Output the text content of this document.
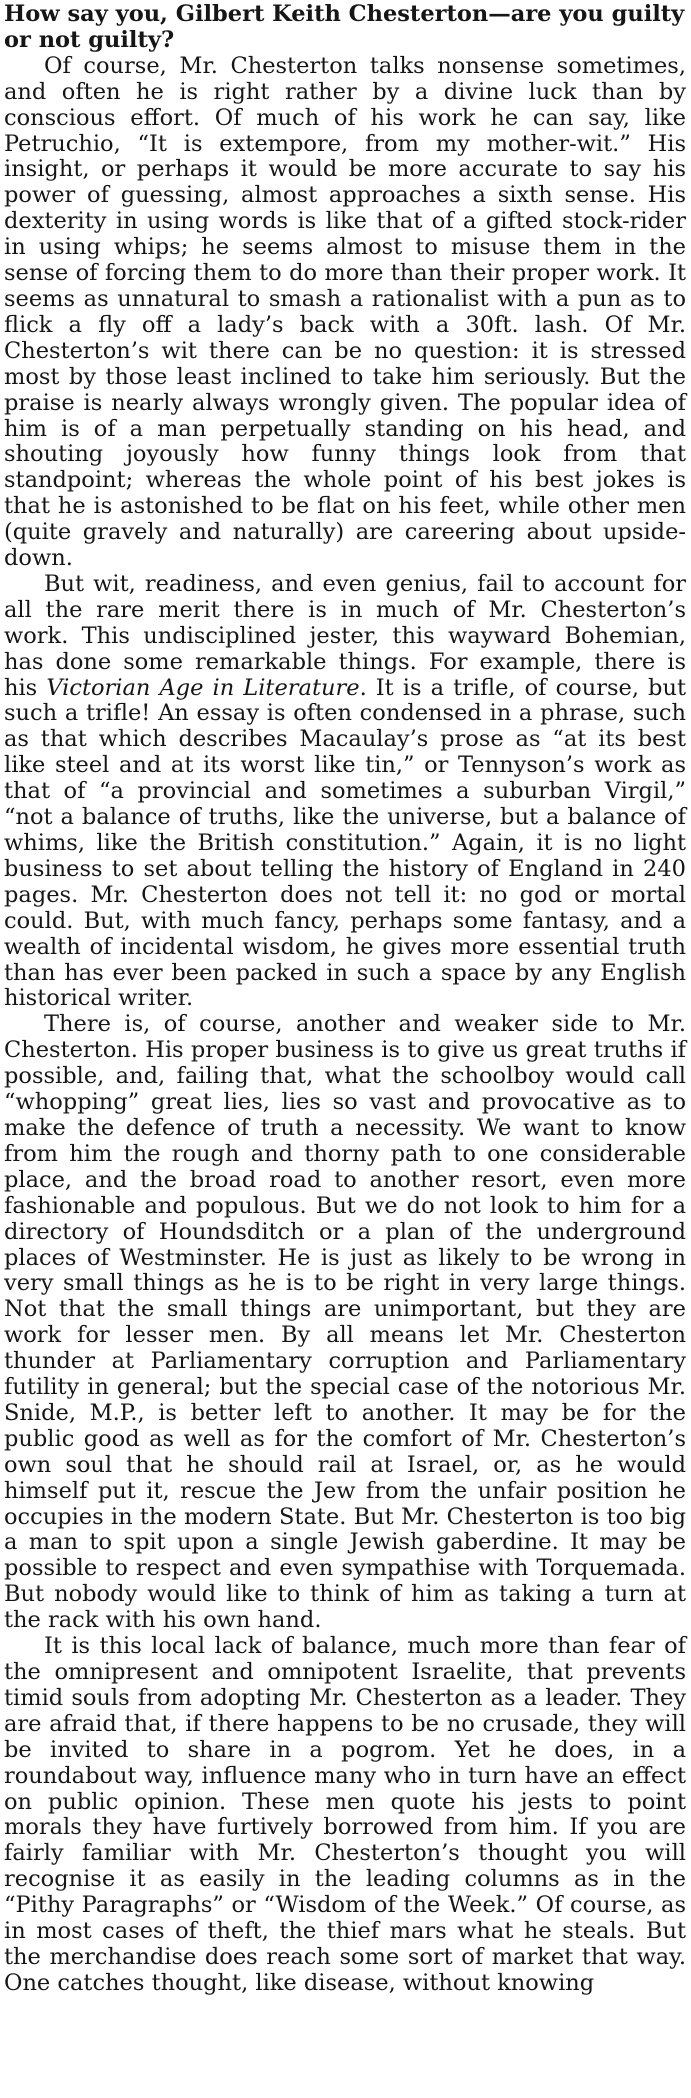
How say you, Gilbert Keith Chesterton—are you guilty or not guilty?

Of course, Mr. Chesterton talks nonsense sometimes, and often he is right rather by a divine luck than by conscious effort. Of much of his work he can say, like Petruchio, “It is extempore, from my mother-wit.” His insight, or perhaps it would be more accurate to say his power of guessing, almost approaches a sixth sense. His dexterity in using words is like that of a gifted stock-rider in using whips; he seems almost to misuse them in the sense of forcing them to do more than their proper work. It seems as unnatural to smash a rationalist with a pun as to flick a fly off a lady’s back with a 30ft. lash. Of Mr. Chesterton’s wit there can be no question: it is stressed most by those least inclined to take him seriously. But the praise is nearly always wrongly given. The popular idea of him is of a man perpetually standing on his head, and shouting joyously how funny things look from that standpoint; whereas the whole point of his best jokes is that he is astonished to be flat on his feet, while other men (quite gravely and naturally) are careering about upside-down.

But wit, readiness, and even genius, fail to account for all the rare merit there is in much of Mr. Chesterton’s work. This undisciplined jester, this wayward Bohemian, has done some remarkable things. For example, there is his Victorian Age in Literature. It is a trifle, of course, but such a trifle! An essay is often condensed in a phrase, such as that which describes Macaulay’s prose as “at its best like steel and at its worst like tin,” or Tennyson’s work as that of “a provincial and sometimes a suburban Virgil,” “not a balance of truths, like the universe, but a balance of whims, like the British constitution.” Again, it is no light business to set about telling the history of England in 240 pages. Mr. Chesterton does not tell it: no god or mortal could. But, with much fancy, perhaps some fantasy, and a wealth of incidental wisdom, he gives more essential truth than has ever been packed in such a space by any English historical writer.

There is, of course, another and weaker side to Mr. Chesterton. His proper business is to give us great truths if possible, and, failing that, what the schoolboy would call “whopping” great lies, lies so vast and provocative as to make the defence of truth a necessity. We want to know from him the rough and thorny path to one considerable place, and the broad road to another resort, even more fashionable and populous. But we do not look to him for a directory of Houndsditch or a plan of the underground places of Westminster. He is just as likely to be wrong in very small things as he is to be right in very large things. Not that the small things are unimportant, but they are work for lesser men. By all means let Mr. Chesterton thunder at Parliamentary corruption and Parliamentary futility in general; but the special case of the notorious Mr. Snide, M.P., is better left to another. It may be for the public good as well as for the comfort of Mr. Chesterton’s own soul that he should rail at Israel, or, as he would himself put it, rescue the Jew from the unfair position he occupies in the modern State. But Mr. Chesterton is too big a man to spit upon a single Jewish gaberdine. It may be possible to respect and even sympathise with Torquemada. But nobody would like to think of him as taking a turn at the rack with his own hand.

It is this local lack of balance, much more than fear of the omnipresent and omnipotent Israelite, that prevents timid souls from adopting Mr. Chesterton as a leader. They are afraid that, if there happens to be no crusade, they will be invited to share in a pogrom. Yet he does, in a roundabout way, influence many who in turn have an effect on public opinion. These men quote his jests to point morals they have furtively borrowed from him. If you are fairly familiar with Mr. Chesterton’s thought you will recognise it as easily in the leading columns as in the “Pithy Paragraphs” or “Wisdom of the Week.” Of course, as in most cases of theft, the thief mars what he steals. But the merchandise does reach some sort of market that way. One catches thought, like disease, without knowing
